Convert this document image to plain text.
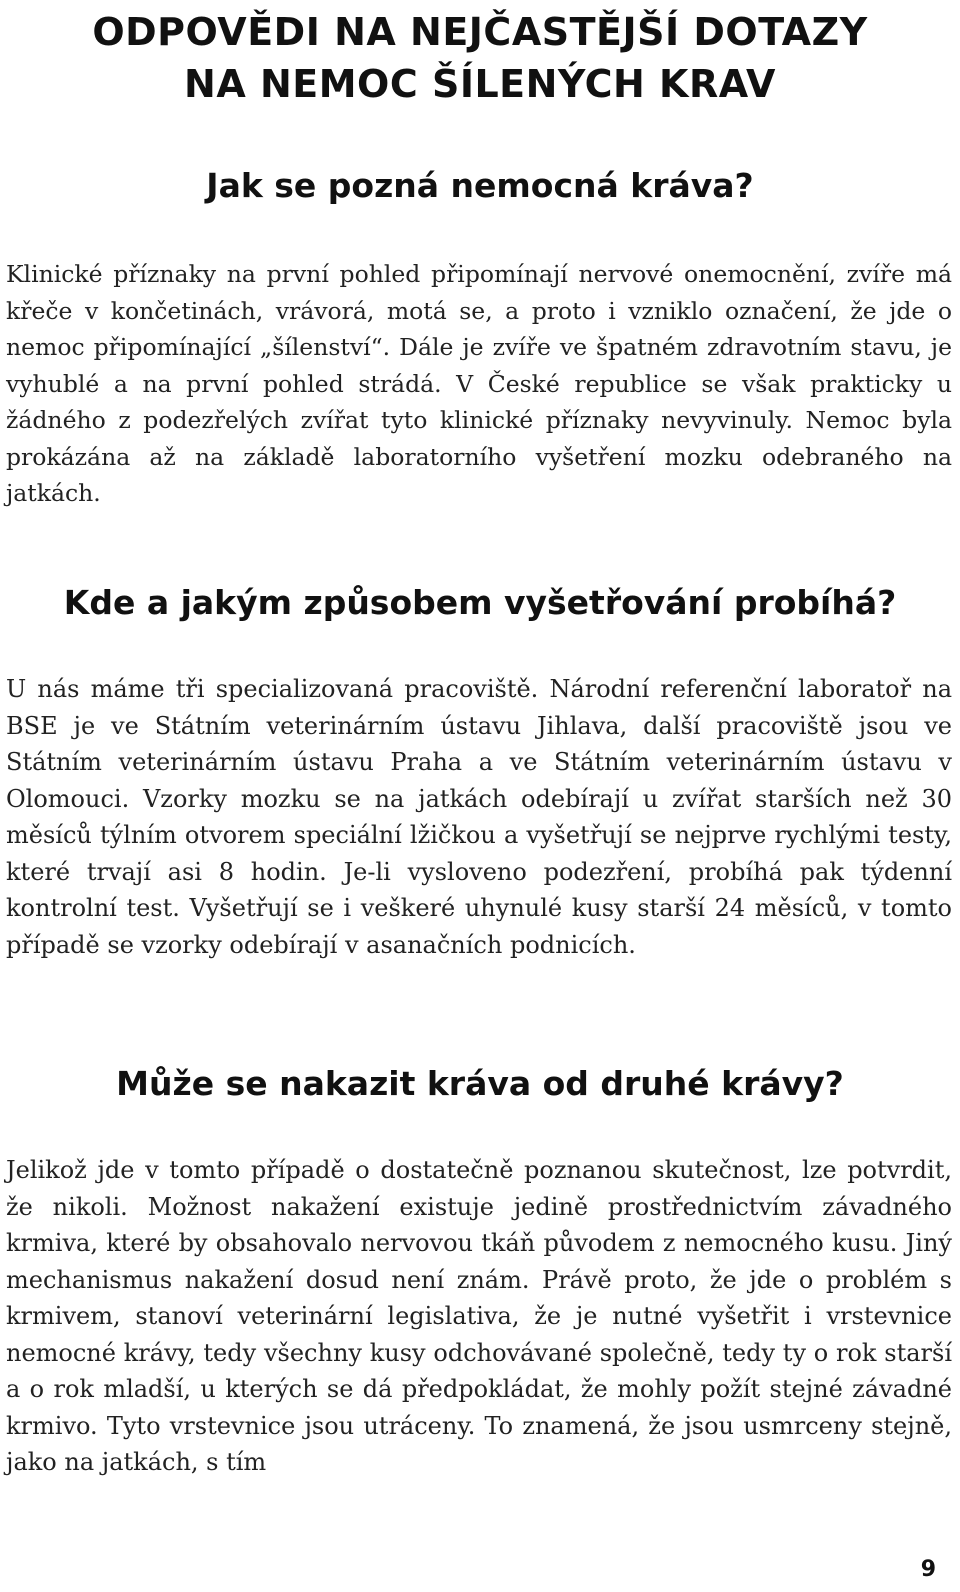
ODPOVĚDI NA NEJČASTĚJŠÍ DOTAZY
NA NEMOC ŠÍLENÝCH KRAV
Jak se pozná nemocná kráva?

Klinické příznaky na první pohled připomínají nervové onemocnění, zvíře má křeče v končetinách, vrávorá, motá se, a proto i vzniklo označení, že jde o nemoc připomínající „šílenství“. Dále je zvíře ve špatném zdravotním stavu, je vyhublé a na první pohled strádá. V České republice se však prakticky u žádného z podezřelých zvířat tyto klinické příznaky nevyvinuly. Nemoc byla prokázána až na základě laboratorního vyšetření mozku odebraného na jatkách.

Kde a jakým způsobem vyšetřování probíhá?

U nás máme tři specializovaná pracoviště. Národní referenční laboratoř na BSE je ve Státním veterinárním ústavu Jihlava, další pracoviště jsou ve Státním veterinárním ústavu Praha a ve Státním veterinárním ústavu v Olomouci. Vzorky mozku se na jatkách odebírají u zvířat starších než 30 měsíců týlním otvorem speciální lžičkou a vyšetřují se nejprve rychlými testy, které trvají asi 8 hodin. Je-li vysloveno podezření, probíhá pak týdenní kontrolní test. Vyšetřují se i veškeré uhynulé kusy starší 24 měsíců, v tomto případě se vzorky odebírají v asanačních podnicích.

Může se nakazit kráva od druhé krávy?

Jelikož jde v tomto případě o dostatečně poznanou skutečnost, lze potvrdit, že nikoli. Možnost nakažení existuje jedině prostřednictvím závadného krmiva, které by obsahovalo nervovou tkáň původem z nemocného kusu. Jiný mechanismus nakažení dosud není znám. Právě proto, že jde o problém s krmivem, stanoví veterinární legislativa, že je nutné vyšetřit i vrstevnice nemocné krávy, tedy všechny kusy odchovávané společně, tedy ty o rok starší a o rok mladší, u kterých se dá předpokládat, že mohly požít stejné závadné krmivo. Tyto vrstevnice jsou utráceny. To znamená, že jsou usmrceny stejně, jako na jatkách, s tím

9
